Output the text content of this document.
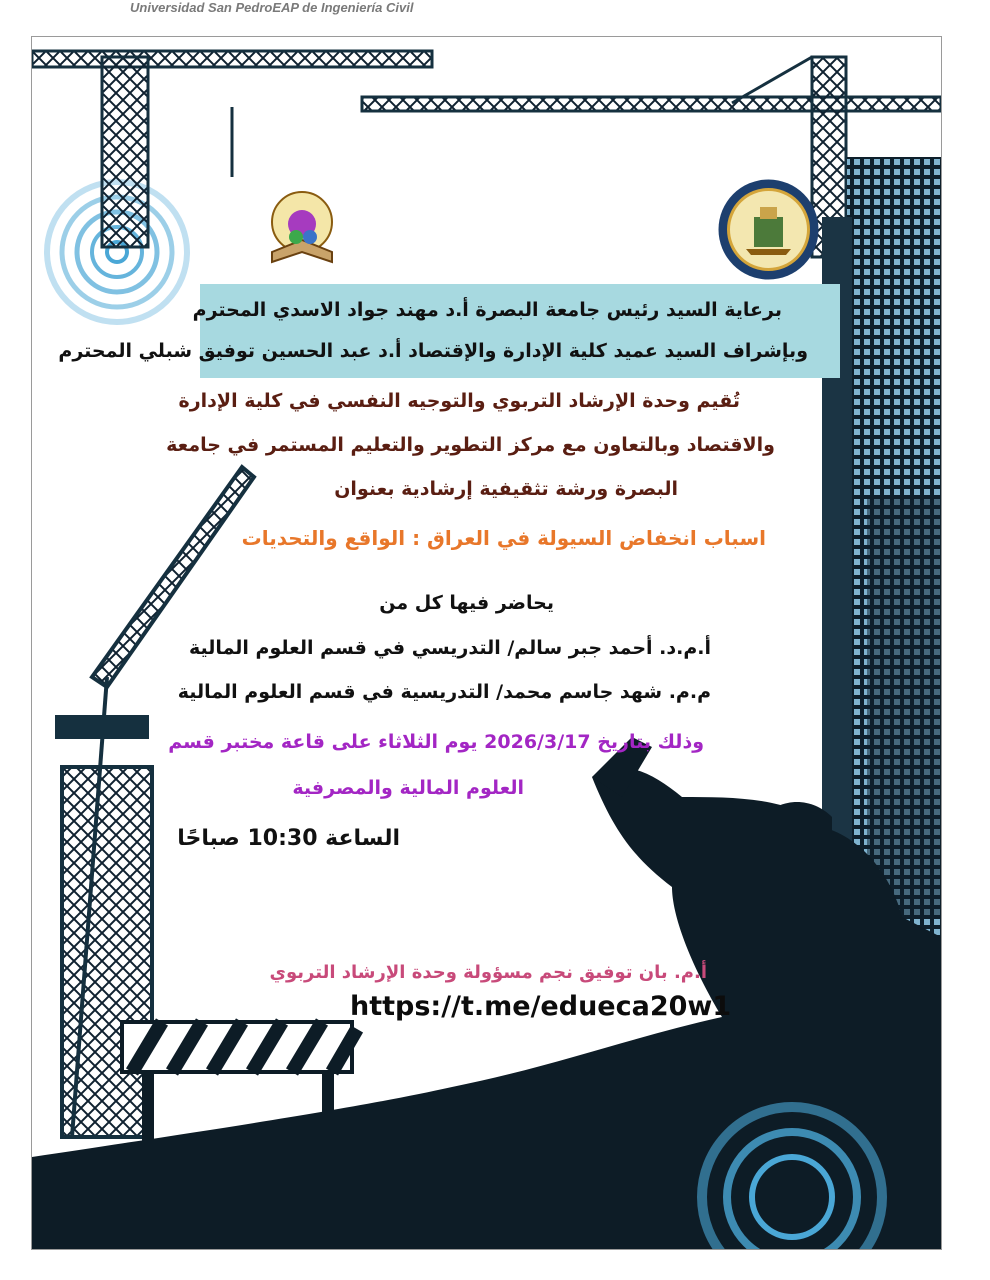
Universidad San PedroEAP de Ingeniería Civil
برعاية السيد رئيس جامعة البصرة أ.د مهند جواد الاسدي المحترم
وبإشراف السيد عميد كلية الإدارة والإقتصاد أ.د عبد الحسين توفيق شبلي المحترم
تُقيم وحدة الإرشاد التربوي والتوجيه النفسي في كلية الإدارة
والاقتصاد وبالتعاون مع مركز التطوير والتعليم المستمر في جامعة
البصرة ورشة تثقيفية إرشادية بعنوان
اسباب انخفاض السيولة في العراق : الواقع والتحديات
يحاضر فيها كل من
أ.م.د. أحمد جبر سالم/ التدريسي في قسم العلوم المالية
م.م. شهد جاسم محمد/ التدريسية في قسم العلوم المالية
وذلك بتاريخ 2026/3/17 يوم الثلاثاء على قاعة مختبر قسم
العلوم المالية والمصرفية
الساعة 10:30 صباحًا
أ.م. بان توفيق نجم مسؤولة وحدة الإرشاد التربوي
https://t.me/edueca20w1
